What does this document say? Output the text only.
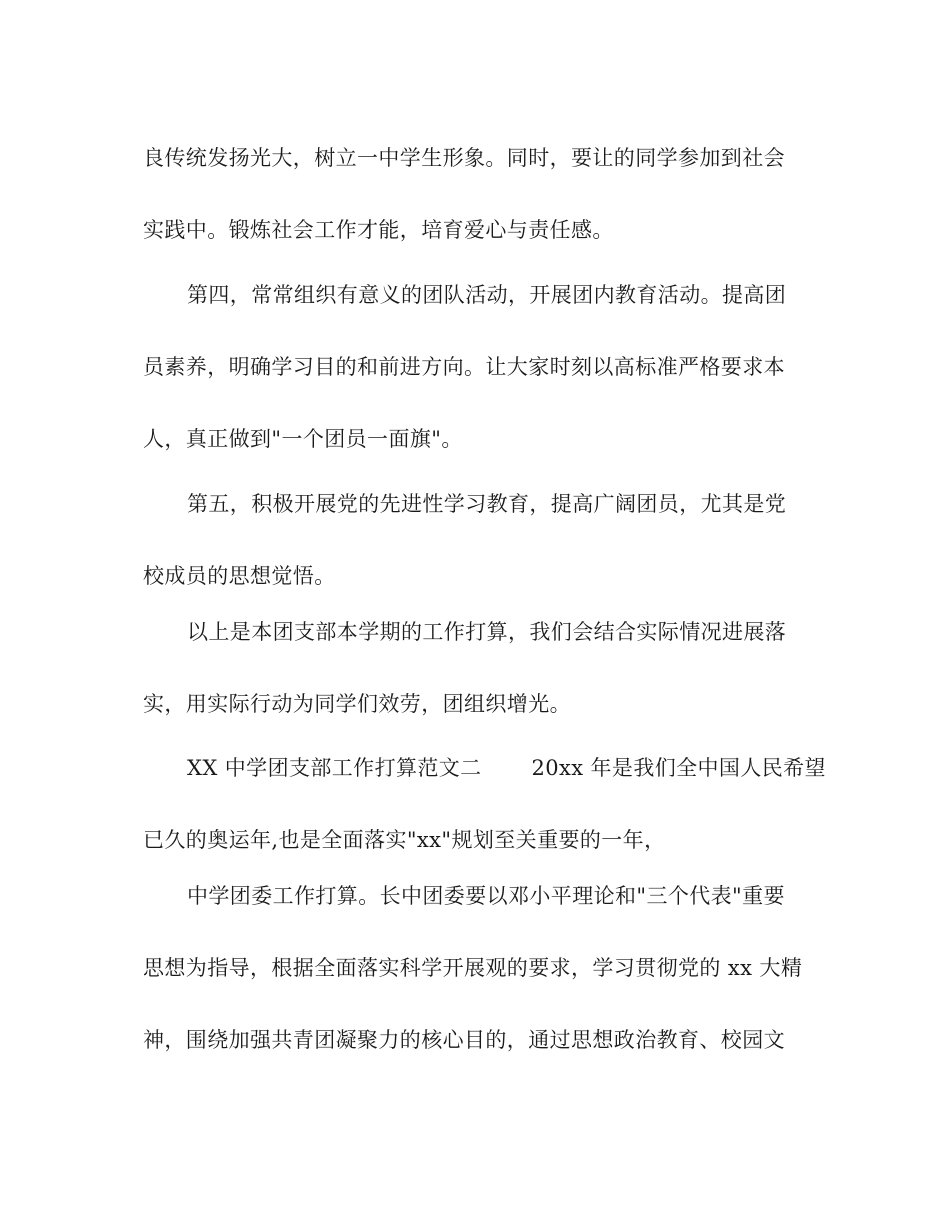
良传统发扬光大，树立一中学生形象。同时，要让的同学参加到社会
实践中。锻炼社会工作才能，培育爱心与责任感。
第四，常常组织有意义的团队活动，开展团内教育活动。提高团
员素养，明确学习目的和前进方向。让大家时刻以高标准严格要求本
人，真正做到"一个团员一面旗"。
第五，积极开展党的先进性学习教育，提高广阔团员，尤其是党
校成员的思想觉悟。
以上是本团支部本学期的工作打算，我们会结合实际情况进展落
实，用实际行动为同学们效劳，团组织增光。
XX 中学团支部工作打算范文二　　 20xx 年是我们全中国人民希望
已久的奥运年,也是全面落实"xx"规划至关重要的一年，
中学团委工作打算。长中团委要以邓小平理论和"三个代表"重要
思想为指导，根据全面落实科学开展观的要求，学习贯彻党的 xx 大精
神，围绕加强共青团凝聚力的核心目的，通过思想政治教育、校园文
